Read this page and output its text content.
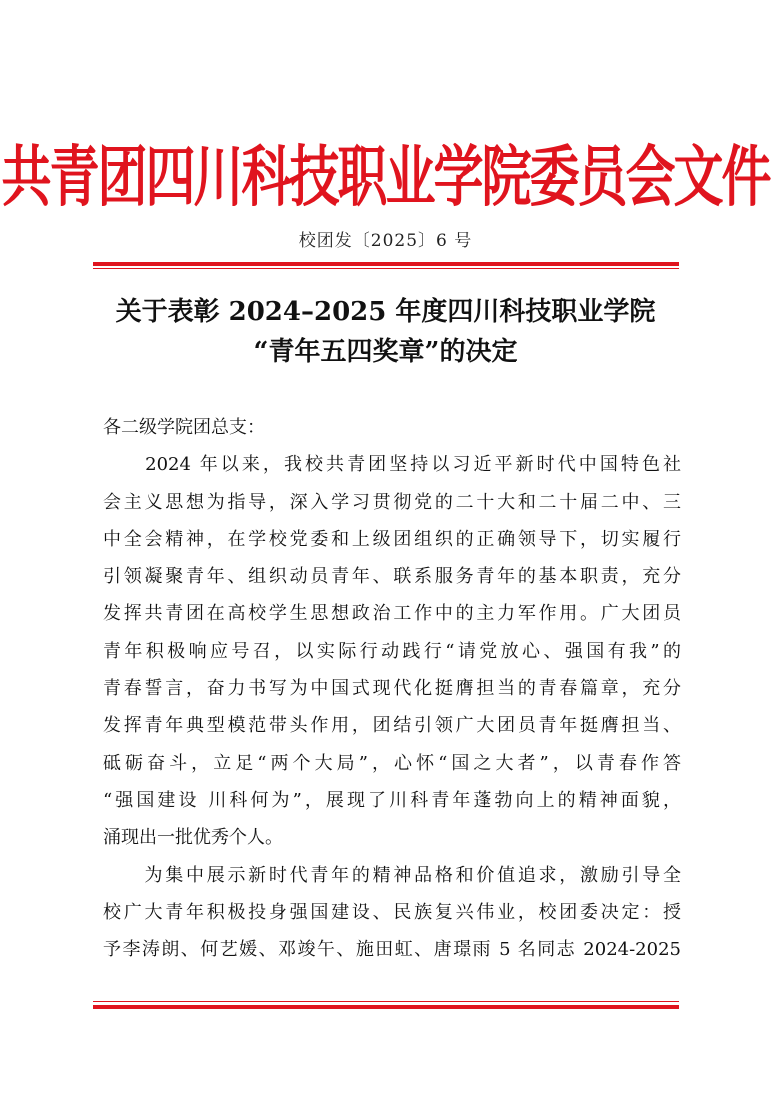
共青团四川科技职业学院委员会文件
校团发〔2025〕6 号
关于表彰 2024–2025 年度四川科技职业学院
“青年五四奖章”的决定
各二级学院团总支：
　　2024 年以来，我校共青团坚持以习近平新时代中国特色社
会主义思想为指导，深入学习贯彻党的二十大和二十届二中、三
中全会精神，在学校党委和上级团组织的正确领导下，切实履行
引领凝聚青年、组织动员青年、联系服务青年的基本职责，充分
发挥共青团在高校学生思想政治工作中的主力军作用。广大团员
青年积极响应号召，以实际行动践行“请党放心、强国有我”的
青春誓言，奋力书写为中国式现代化挺膺担当的青春篇章，充分
发挥青年典型模范带头作用，团结引领广大团员青年挺膺担当、
砥砺奋斗，立足“两个大局”，心怀“国之大者”，以青春作答
“强国建设 川科何为”，展现了川科青年蓬勃向上的精神面貌，
涌现出一批优秀个人。
　　为集中展示新时代青年的精神品格和价值追求，激励引导全
校广大青年积极投身强国建设、民族复兴伟业，校团委决定：授
予李涛朗、何艺媛、邓竣午、施田虹、唐璟雨 5 名同志 2024-2025
